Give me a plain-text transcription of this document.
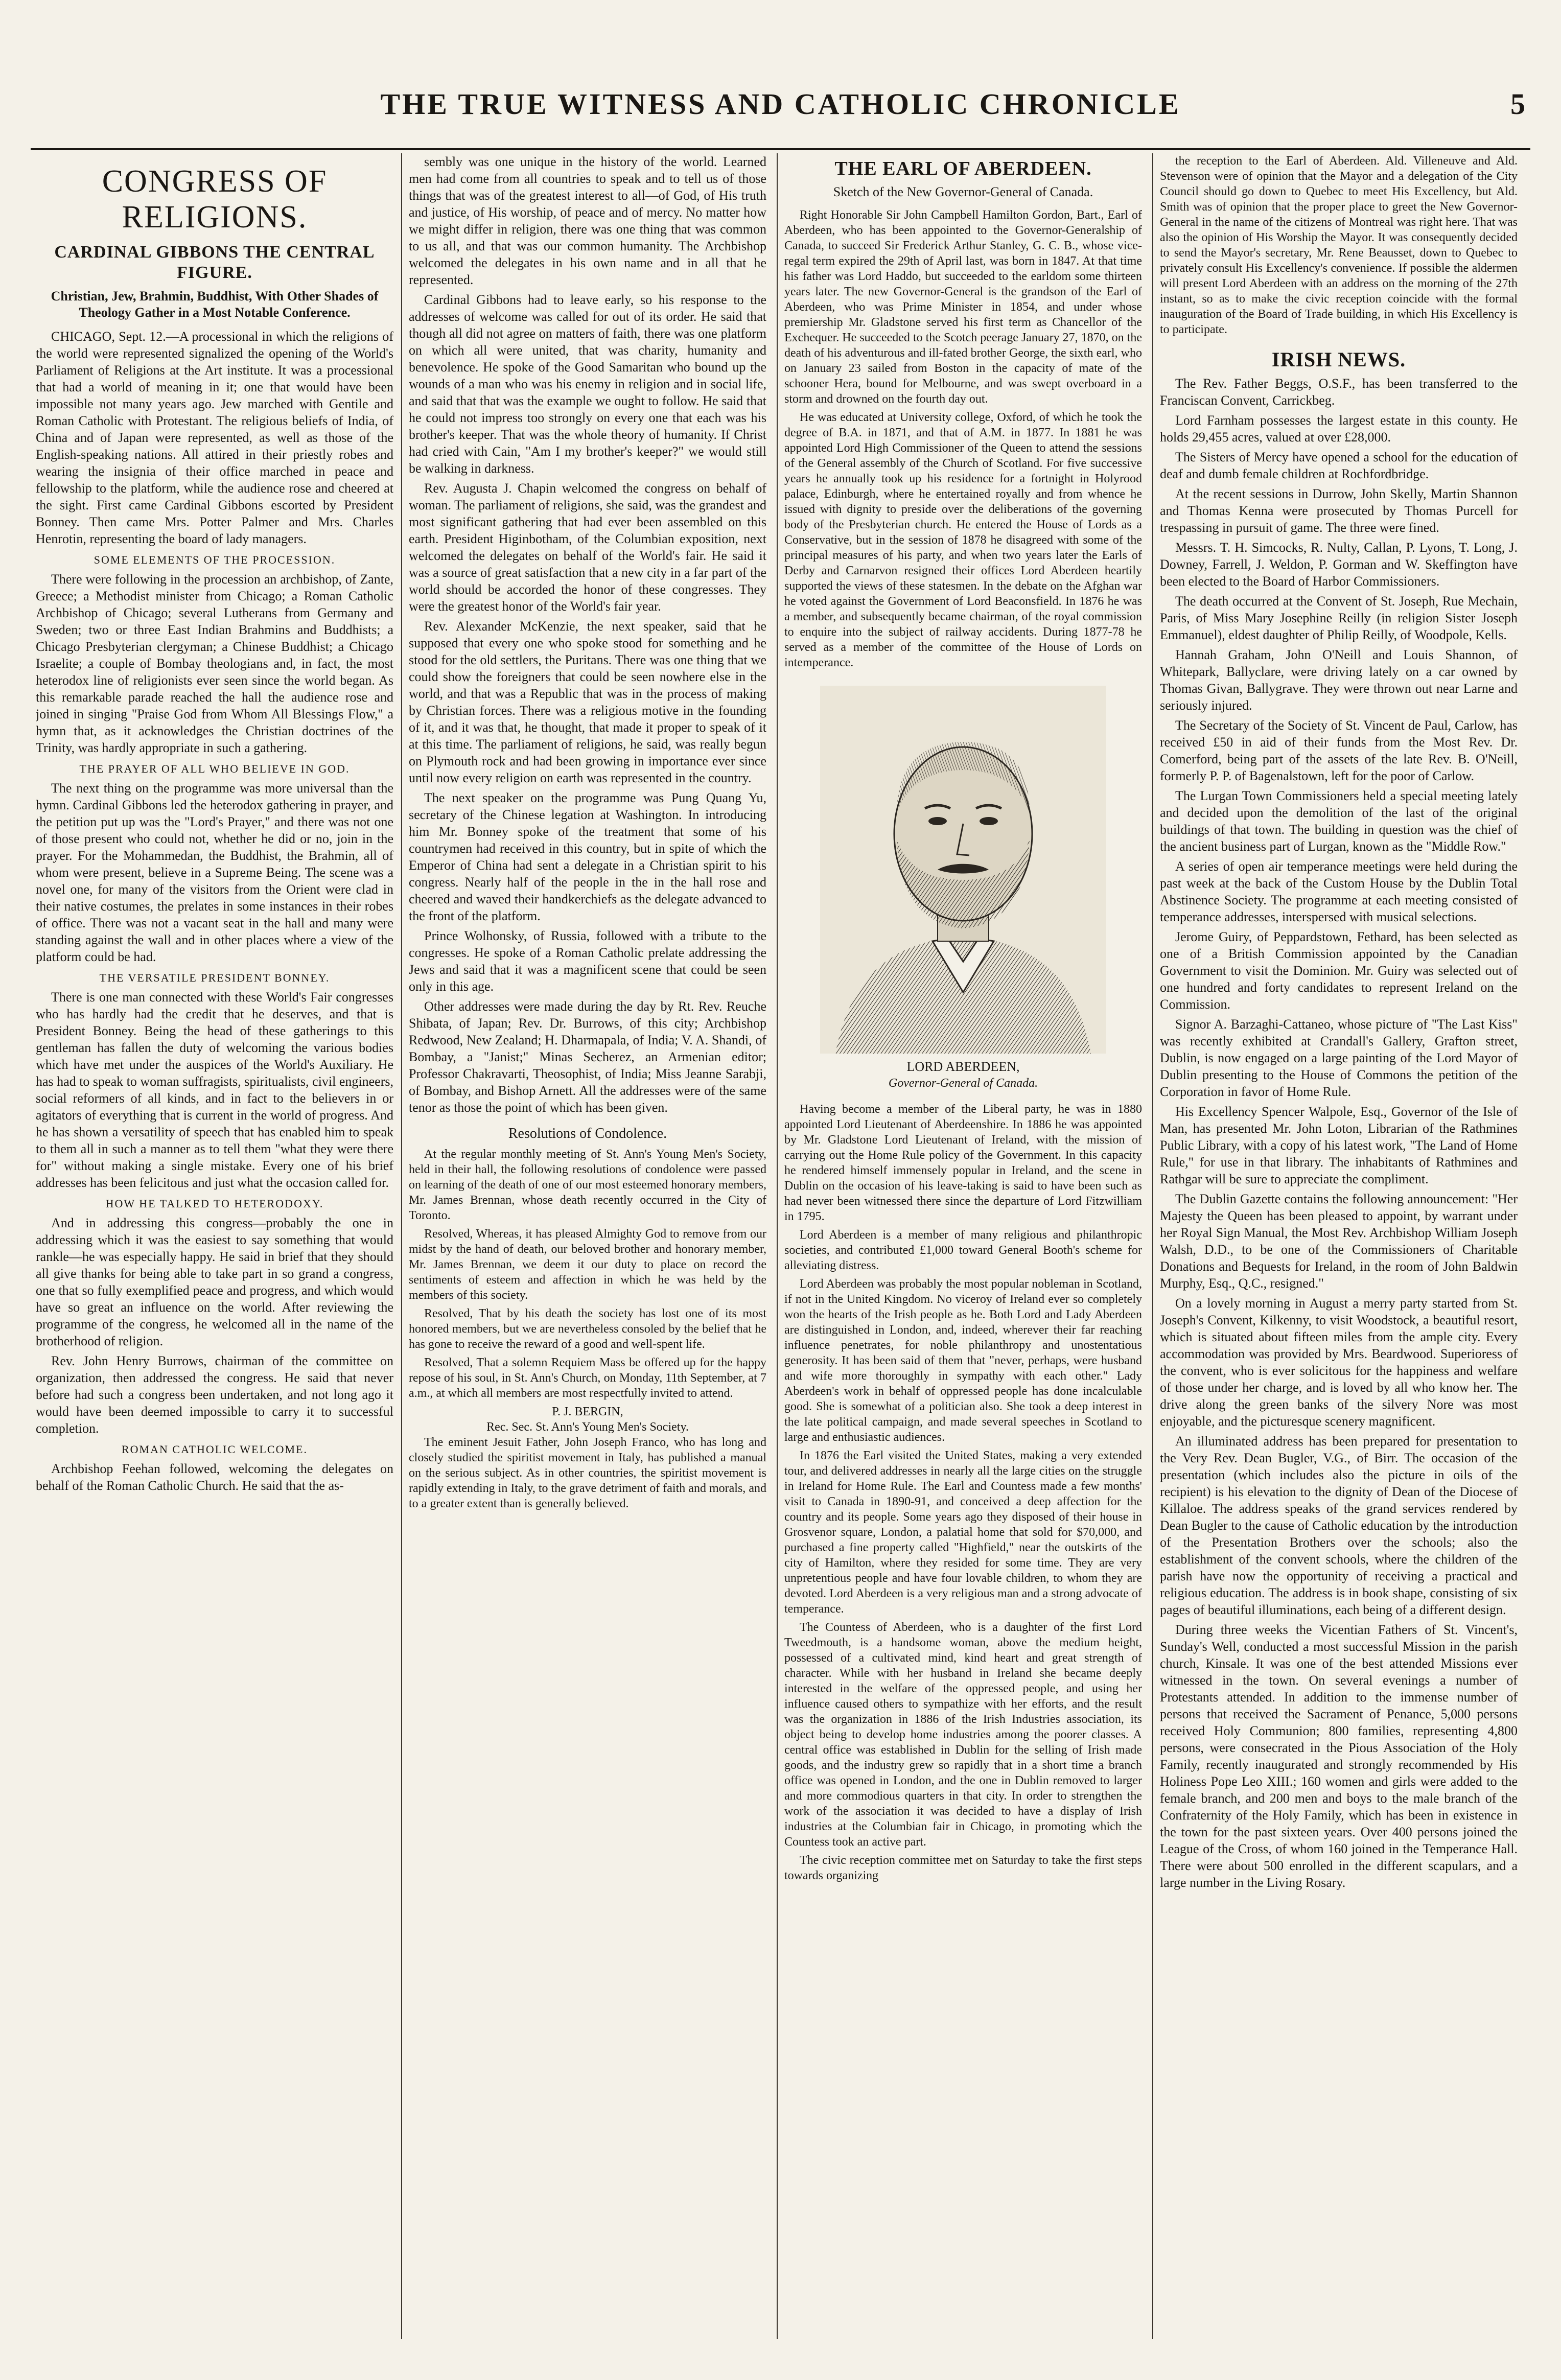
THE TRUE WITNESS AND CATHOLIC CHRONICLE	5
CONGRESS OF RELIGIONS.
CARDINAL GIBBONS THE CENTRAL FIGURE.
Christian, Jew, Brahmin, Buddhist, With Other Shades of Theology Gather in a Most Notable Conference.

CHICAGO, Sept. 12.—A processional in which the religions of the world were represented signalized the opening of the World's Parliament of Religions at the Art institute. It was a processional that had a world of meaning in it; one that would have been impossible not many years ago. Jew marched with Gentile and Roman Catholic with Protestant. The religious beliefs of India, of China and of Japan were represented, as well as those of the English-speaking nations. All attired in their priestly robes and wearing the insignia of their office marched in peace and fellowship to the platform, while the audience rose and cheered at the sight. First came Cardinal Gibbons escorted by President Bonney. Then came Mrs. Potter Palmer and Mrs. Charles Henrotin, representing the board of lady managers.

SOME ELEMENTS OF THE PROCESSION.

There were following in the procession an archbishop, of Zante, Greece; a Methodist minister from Chicago; a Roman Catholic Archbishop of Chicago; several Lutherans from Germany and Sweden; two or three East Indian Brahmins and Buddhists; a Chicago Presbyterian clergyman; a Chinese Buddhist; a Chicago Israelite; a couple of Bombay theologians and, in fact, the most heterodox line of religionists ever seen since the world began. As this remarkable parade reached the hall the audience rose and joined in singing "Praise God from Whom All Blessings Flow," a hymn that, as it acknowledges the Christian doctrines of the Trinity, was hardly appropriate in such a gathering.

THE PRAYER OF ALL WHO BELIEVE IN GOD.

The next thing on the programme was more universal than the hymn. Cardinal Gibbons led the heterodox gathering in prayer, and the petition put up was the "Lord's Prayer," and there was not one of those present who could not, whether he did or no, join in the prayer. For the Mohammedan, the Buddhist, the Brahmin, all of whom were present, believe in a Supreme Being. The scene was a novel one, for many of the visitors from the Orient were clad in their native costumes, the prelates in some instances in their robes of office. There was not a vacant seat in the hall and many were standing against the wall and in other places where a view of the platform could be had.

THE VERSATILE PRESIDENT BONNEY.

There is one man connected with these World's Fair congresses who has hardly had the credit that he deserves, and that is President Bonney. Being the head of these gatherings to this gentleman has fallen the duty of welcoming the various bodies which have met under the auspices of the World's Auxiliary. He has had to speak to woman suffragists, spiritualists, civil engineers, social reformers of all kinds, and in fact to the believers in or agitators of everything that is current in the world of progress. And he has shown a versatility of speech that has enabled him to speak to them all in such a manner as to tell them "what they were there for" without making a single mistake. Every one of his brief addresses has been felicitous and just what the occasion called for.

HOW HE TALKED TO HETERODOXY.

And in addressing this congress—probably the one in addressing which it was the easiest to say something that would rankle—he was especially happy. He said in brief that they should all give thanks for being able to take part in so grand a congress, one that so fully exemplified peace and progress, and which would have so great an influence on the world. After reviewing the programme of the congress, he welcomed all in the name of the brotherhood of religion.

Rev. John Henry Burrows, chairman of the committee on organization, then addressed the congress. He said that never before had such a congress been undertaken, and not long ago it would have been deemed impossible to carry it to successful completion.

ROMAN CATHOLIC WELCOME.

Archbishop Feehan followed, welcoming the delegates on behalf of the Roman Catholic Church. He said that the as-

sembly was one unique in the history of the world. Learned men had come from all countries to speak and to tell us of those things that was of the greatest interest to all—of God, of His truth and justice, of His worship, of peace and of mercy. No matter how we might differ in religion, there was one thing that was common to us all, and that was our common humanity. The Archbishop welcomed the delegates in his own name and in all that he represented.

Cardinal Gibbons had to leave early, so his response to the addresses of welcome was called for out of its order. He said that though all did not agree on matters of faith, there was one platform on which all were united, that was charity, humanity and benevolence. He spoke of the Good Samaritan who bound up the wounds of a man who was his enemy in religion and in social life, and said that that was the example we ought to follow. He said that he could not impress too strongly on every one that each was his brother's keeper. That was the whole theory of humanity. If Christ had cried with Cain, "Am I my brother's keeper?" we would still be walking in darkness.

Rev. Augusta J. Chapin welcomed the congress on behalf of woman. The parliament of religions, she said, was the grandest and most significant gathering that had ever been assembled on this earth. President Higinbotham, of the Columbian exposition, next welcomed the delegates on behalf of the World's fair. He said it was a source of great satisfaction that a new city in a far part of the world should be accorded the honor of these congresses. They were the greatest honor of the World's fair year.

Rev. Alexander McKenzie, the next speaker, said that he supposed that every one who spoke stood for something and he stood for the old settlers, the Puritans. There was one thing that we could show the foreigners that could be seen nowhere else in the world, and that was a Republic that was in the process of making by Christian forces. There was a religious motive in the founding of it, and it was that, he thought, that made it proper to speak of it at this time. The parliament of religions, he said, was really begun on Plymouth rock and had been growing in importance ever since until now every religion on earth was represented in the country.

The next speaker on the programme was Pung Quang Yu, secretary of the Chinese legation at Washington. In introducing him Mr. Bonney spoke of the treatment that some of his countrymen had received in this country, but in spite of which the Emperor of China had sent a delegate in a Christian spirit to his congress. Nearly half of the people in the in the hall rose and cheered and waved their handkerchiefs as the delegate advanced to the front of the platform.

Prince Wolhonsky, of Russia, followed with a tribute to the congresses. He spoke of a Roman Catholic prelate addressing the Jews and said that it was a magnificent scene that could be seen only in this age.

Other addresses were made during the day by Rt. Rev. Reuche Shibata, of Japan; Rev. Dr. Burrows, of this city; Archbishop Redwood, New Zealand; H. Dharmapala, of India; V. A. Shandi, of Bombay, a "Janist;" Minas Secherez, an Armenian editor; Professor Chakravarti, Theosophist, of India; Miss Jeanne Sarabji, of Bombay, and Bishop Arnett. All the addresses were of the same tenor as those the point of which has been given.

Resolutions of Condolence.

At the regular monthly meeting of St. Ann's Young Men's Society, held in their hall, the following resolutions of condolence were passed on learning of the death of one of our most esteemed honorary members, Mr. James Brennan, whose death recently occurred in the City of Toronto.

Resolved, Whereas, it has pleased Almighty God to remove from our midst by the hand of death, our beloved brother and honorary member, Mr. James Brennan, we deem it our duty to place on record the sentiments of esteem and affection in which he was held by the members of this society.

Resolved, That by his death the society has lost one of its most honored members, but we are nevertheless consoled by the belief that he has gone to receive the reward of a good and well-spent life.

Resolved, That a solemn Requiem Mass be offered up for the happy repose of his soul, in St. Ann's Church, on Monday, 11th September, at 7 a.m., at which all members are most respectfully invited to attend.

P. J. BERGIN,
Rec. Sec. St. Ann's Young Men's Society.

The eminent Jesuit Father, John Joseph Franco, who has long and closely studied the spiritist movement in Italy, has published a manual on the serious subject. As in other countries, the spiritist movement is rapidly extending in Italy, to the grave detriment of faith and morals, and to a greater extent than is generally believed.

THE EARL OF ABERDEEN.
Sketch of the New Governor-General of Canada.

Right Honorable Sir John Campbell Hamilton Gordon, Bart., Earl of Aberdeen, who has been appointed to the Governor-Generalship of Canada, to succeed Sir Frederick Arthur Stanley, G. C. B., whose vice-regal term expired the 29th of April last, was born in 1847. At that time his father was Lord Haddo, but succeeded to the earldom some thirteen years later. The new Governor-General is the grandson of the Earl of Aberdeen, who was Prime Minister in 1854, and under whose premiership Mr. Gladstone served his first term as Chancellor of the Exchequer. He succeeded to the Scotch peerage January 27, 1870, on the death of his adventurous and ill-fated brother George, the sixth earl, who on January 23 sailed from Boston in the capacity of mate of the schooner Hera, bound for Melbourne, and was swept overboard in a storm and drowned on the fourth day out.

He was educated at University college, Oxford, of which he took the degree of B.A. in 1871, and that of A.M. in 1877. In 1881 he was appointed Lord High Commissioner of the Queen to attend the sessions of the General assembly of the Church of Scotland. For five successive years he annually took up his residence for a fortnight in Holyrood palace, Edinburgh, where he entertained royally and from whence he issued with dignity to preside over the deliberations of the governing body of the Presbyterian church. He entered the House of Lords as a Conservative, but in the session of 1878 he disagreed with some of the principal measures of his party, and when two years later the Earls of Derby and Carnarvon resigned their offices Lord Aberdeen heartily supported the views of these statesmen. In the debate on the Afghan war he voted against the Government of Lord Beaconsfield. In 1876 he was a member, and subsequently became chairman, of the royal commission to enquire into the subject of railway accidents. During 1877-78 he served as a member of the committee of the House of Lords on intemperance.

LORD ABERDEEN,
Governor-General of Canada.

Having become a member of the Liberal party, he was in 1880 appointed Lord Lieutenant of Aberdeenshire. In 1886 he was appointed by Mr. Gladstone Lord Lieutenant of Ireland, with the mission of carrying out the Home Rule policy of the Government. In this capacity he rendered himself immensely popular in Ireland, and the scene in Dublin on the occasion of his leave-taking is said to have been such as had never been witnessed there since the departure of Lord Fitzwilliam in 1795.

Lord Aberdeen is a member of many religious and philanthropic societies, and contributed £1,000 toward General Booth's scheme for alleviating distress.

Lord Aberdeen was probably the most popular nobleman in Scotland, if not in the United Kingdom. No viceroy of Ireland ever so completely won the hearts of the Irish people as he. Both Lord and Lady Aberdeen are distinguished in London, and, indeed, wherever their far reaching influence penetrates, for noble philanthropy and unostentatious generosity. It has been said of them that "never, perhaps, were husband and wife more thoroughly in sympathy with each other." Lady Aberdeen's work in behalf of oppressed people has done incalculable good. She is somewhat of a politician also. She took a deep interest in the late political campaign, and made several speeches in Scotland to large and enthusiastic audiences.

In 1876 the Earl visited the United States, making a very extended tour, and delivered addresses in nearly all the large cities on the struggle in Ireland for Home Rule. The Earl and Countess made a few months' visit to Canada in 1890-91, and conceived a deep affection for the country and its people. Some years ago they disposed of their house in Grosvenor square, London, a palatial home that sold for $70,000, and purchased a fine property called "Highfield," near the outskirts of the city of Hamilton, where they resided for some time. They are very unpretentious people and have four lovable children, to whom they are devoted. Lord Aberdeen is a very religious man and a strong advocate of temperance.

The Countess of Aberdeen, who is a daughter of the first Lord Tweedmouth, is a handsome woman, above the medium height, possessed of a cultivated mind, kind heart and great strength of character. While with her husband in Ireland she became deeply interested in the welfare of the oppressed people, and using her influence caused others to sympathize with her efforts, and the result was the organization in 1886 of the Irish Industries association, its object being to develop home industries among the poorer classes. A central office was established in Dublin for the selling of Irish made goods, and the industry grew so rapidly that in a short time a branch office was opened in London, and the one in Dublin removed to larger and more commodious quarters in that city. In order to strengthen the work of the association it was decided to have a display of Irish industries at the Columbian fair in Chicago, in promoting which the Countess took an active part.

The civic reception committee met on Saturday to take the first steps towards organizing

the reception to the Earl of Aberdeen. Ald. Villeneuve and Ald. Stevenson were of opinion that the Mayor and a delegation of the City Council should go down to Quebec to meet His Excellency, but Ald. Smith was of opinion that the proper place to greet the New Governor-General in the name of the citizens of Montreal was right here. That was also the opinion of His Worship the Mayor. It was consequently decided to send the Mayor's secretary, Mr. Rene Beausset, down to Quebec to privately consult His Excellency's convenience. If possible the aldermen will present Lord Aberdeen with an address on the morning of the 27th instant, so as to make the civic reception coincide with the formal inauguration of the Board of Trade building, in which His Excellency is to participate.

IRISH NEWS.

The Rev. Father Beggs, O.S.F., has been transferred to the Franciscan Convent, Carrickbeg.

Lord Farnham possesses the largest estate in this county. He holds 29,455 acres, valued at over £28,000.

The Sisters of Mercy have opened a school for the education of deaf and dumb female children at Rochfordbridge.

At the recent sessions in Durrow, John Skelly, Martin Shannon and Thomas Kenna were prosecuted by Thomas Purcell for trespassing in pursuit of game. The three were fined.

Messrs. T. H. Simcocks, R. Nulty, Callan, P. Lyons, T. Long, J. Downey, Farrell, J. Weldon, P. Gorman and W. Skeffington have been elected to the Board of Harbor Commissioners.

The death occurred at the Convent of St. Joseph, Rue Mechain, Paris, of Miss Mary Josephine Reilly (in religion Sister Joseph Emmanuel), eldest daughter of Philip Reilly, of Woodpole, Kells.

Hannah Graham, John O'Neill and Louis Shannon, of Whitepark, Ballyclare, were driving lately on a car owned by Thomas Givan, Ballygrave. They were thrown out near Larne and seriously injured.

The Secretary of the Society of St. Vincent de Paul, Carlow, has received £50 in aid of their funds from the Most Rev. Dr. Comerford, being part of the assets of the late Rev. B. O'Neill, formerly P. P. of Bagenalstown, left for the poor of Carlow.

The Lurgan Town Commissioners held a special meeting lately and decided upon the demolition of the last of the original buildings of that town. The building in question was the chief of the ancient business part of Lurgan, known as the "Middle Row."

A series of open air temperance meetings were held during the past week at the back of the Custom House by the Dublin Total Abstinence Society. The programme at each meeting consisted of temperance addresses, interspersed with musical selections.

Jerome Guiry, of Peppardstown, Fethard, has been selected as one of a British Commission appointed by the Canadian Government to visit the Dominion. Mr. Guiry was selected out of one hundred and forty candidates to represent Ireland on the Commission.

Signor A. Barzaghi-Cattaneo, whose picture of "The Last Kiss" was recently exhibited at Crandall's Gallery, Grafton street, Dublin, is now engaged on a large painting of the Lord Mayor of Dublin presenting to the House of Commons the petition of the Corporation in favor of Home Rule.

His Excellency Spencer Walpole, Esq., Governor of the Isle of Man, has presented Mr. John Loton, Librarian of the Rathmines Public Library, with a copy of his latest work, "The Land of Home Rule," for use in that library. The inhabitants of Rathmines and Rathgar will be sure to appreciate the compliment.

The Dublin Gazette contains the following announcement: "Her Majesty the Queen has been pleased to appoint, by warrant under her Royal Sign Manual, the Most Rev. Archbishop William Joseph Walsh, D.D., to be one of the Commissioners of Charitable Donations and Bequests for Ireland, in the room of John Baldwin Murphy, Esq., Q.C., resigned."

On a lovely morning in August a merry party started from St. Joseph's Convent, Kilkenny, to visit Woodstock, a beautiful resort, which is situated about fifteen miles from the ample city. Every accommodation was provided by Mrs. Beardwood. Superioress of the convent, who is ever solicitous for the happiness and welfare of those under her charge, and is loved by all who know her. The drive along the green banks of the silvery Nore was most enjoyable, and the picturesque scenery magnificent.

An illuminated address has been prepared for presentation to the Very Rev. Dean Bugler, V.G., of Birr. The occasion of the presentation (which includes also the picture in oils of the recipient) is his elevation to the dignity of Dean of the Diocese of Killaloe. The address speaks of the grand services rendered by Dean Bugler to the cause of Catholic education by the introduction of the Presentation Brothers over the schools; also the establishment of the convent schools, where the children of the parish have now the opportunity of receiving a practical and religious education. The address is in book shape, consisting of six pages of beautiful illuminations, each being of a different design.

During three weeks the Vicentian Fathers of St. Vincent's, Sunday's Well, conducted a most successful Mission in the parish church, Kinsale. It was one of the best attended Missions ever witnessed in the town. On several evenings a number of Protestants attended. In addition to the immense number of persons that received the Sacrament of Penance, 5,000 persons received Holy Communion; 800 families, representing 4,800 persons, were consecrated in the Pious Association of the Holy Family, recently inaugurated and strongly recommended by His Holiness Pope Leo XIII.; 160 women and girls were added to the female branch, and 200 men and boys to the male branch of the Confraternity of the Holy Family, which has been in existence in the town for the past sixteen years. Over 400 persons joined the League of the Cross, of whom 160 joined in the Temperance Hall. There were about 500 enrolled in the different scapulars, and a large number in the Living Rosary.
